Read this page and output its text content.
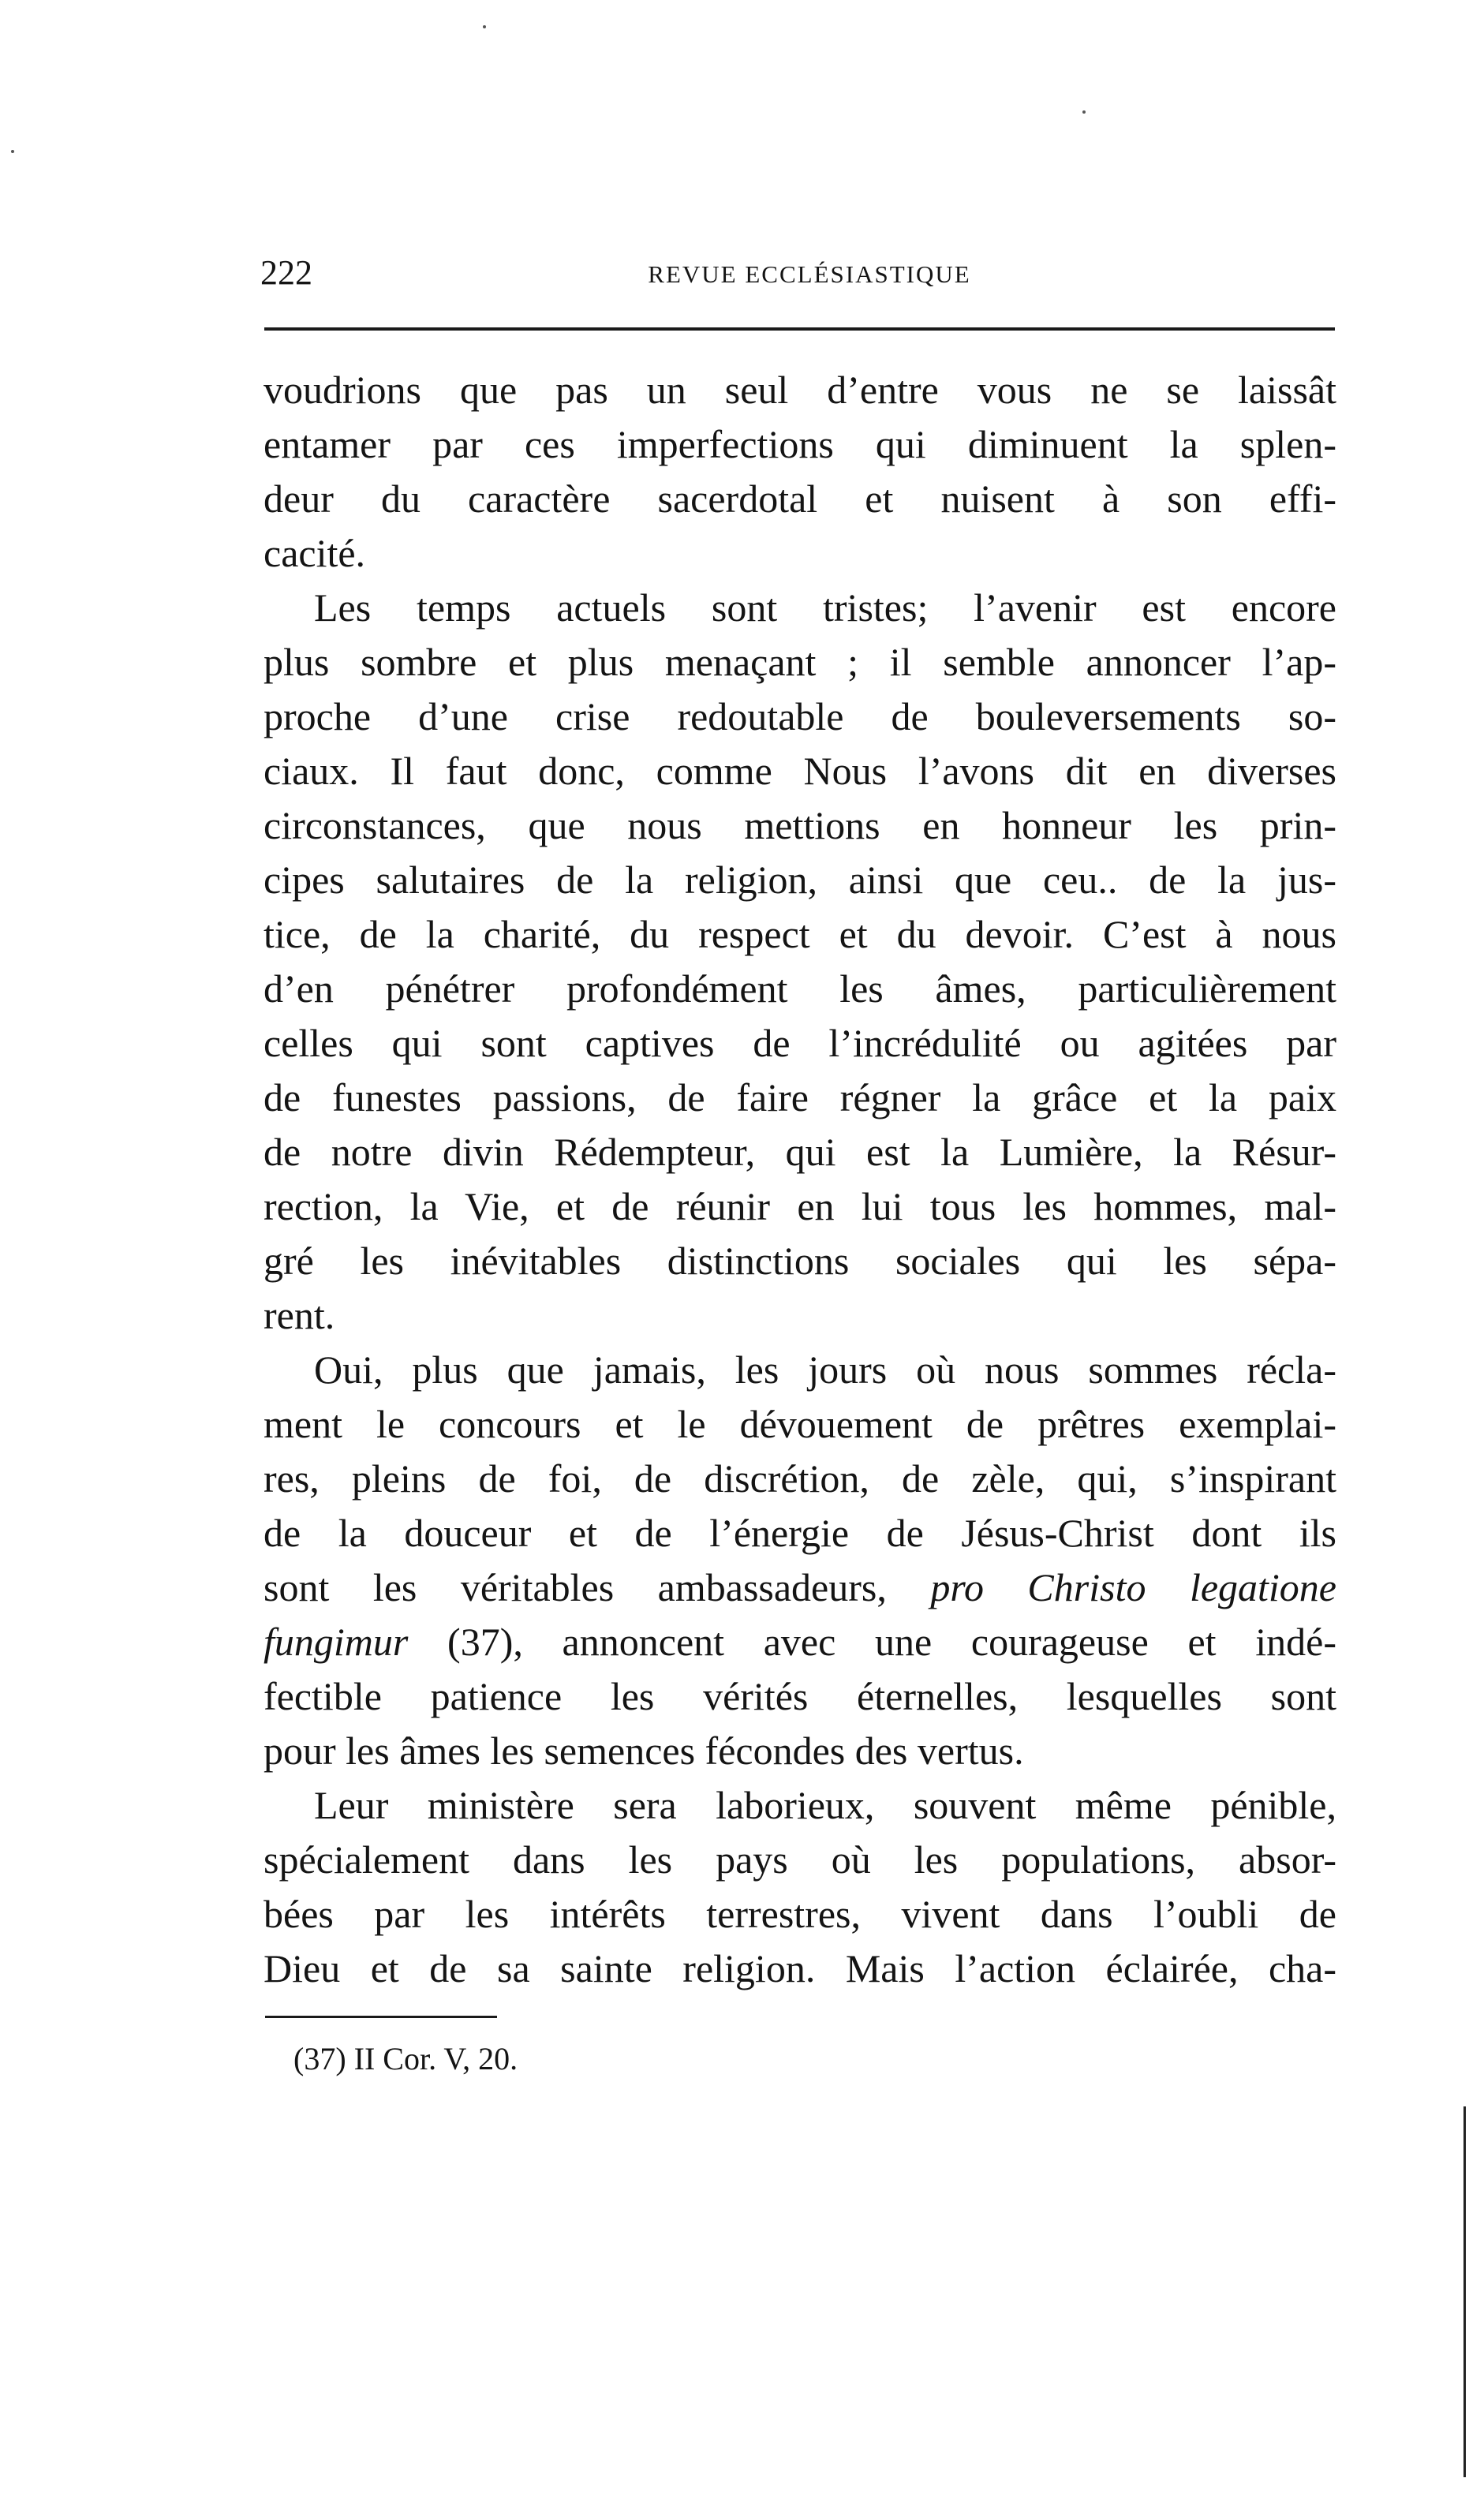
222	REVUE ECCLÉSIASTIQUE
voudrions que pas un seul d’entre vous ne se laissât
entamer par ces imperfections qui diminuent la splen-
deur du caractère sacerdotal et nuisent à son effi-
cacité.
Les temps actuels sont tristes; l’avenir est encore
plus sombre et plus menaçant ; il semble annoncer l’ap-
proche d’une crise redoutable de bouleversements so-
ciaux. Il faut donc, comme Nous l’avons dit en diverses
circonstances, que nous mettions en honneur les prin-
cipes salutaires de la religion, ainsi que ceu.. de la jus-
tice, de la charité, du respect et du devoir. C’est à nous
d’en pénétrer profondément les âmes, particulièrement
celles qui sont captives de l’incrédulité ou agitées par
de funestes passions, de faire régner la grâce et la paix
de notre divin Rédempteur, qui est la Lumière, la Résur-
rection, la Vie, et de réunir en lui tous les hommes, mal-
gré les inévitables distinctions sociales qui les sépa-
rent.
Oui, plus que jamais, les jours où nous sommes récla-
ment le concours et le dévouement de prêtres exemplai-
res, pleins de foi, de discrétion, de zèle, qui, s’inspirant
de la douceur et de l’énergie de Jésus-Christ dont ils
sont les véritables ambassadeurs, pro Christo legatione
fungimur (37), annoncent avec une courageuse et indé-
fectible patience les vérités éternelles, lesquelles sont
pour les âmes les semences fécondes des vertus.
Leur ministère sera laborieux, souvent même pénible,
spécialement dans les pays où les populations, absor-
bées par les intérêts terrestres, vivent dans l’oubli de
Dieu et de sa sainte religion. Mais l’action éclairée, cha-
(37) II Cor. V, 20.
